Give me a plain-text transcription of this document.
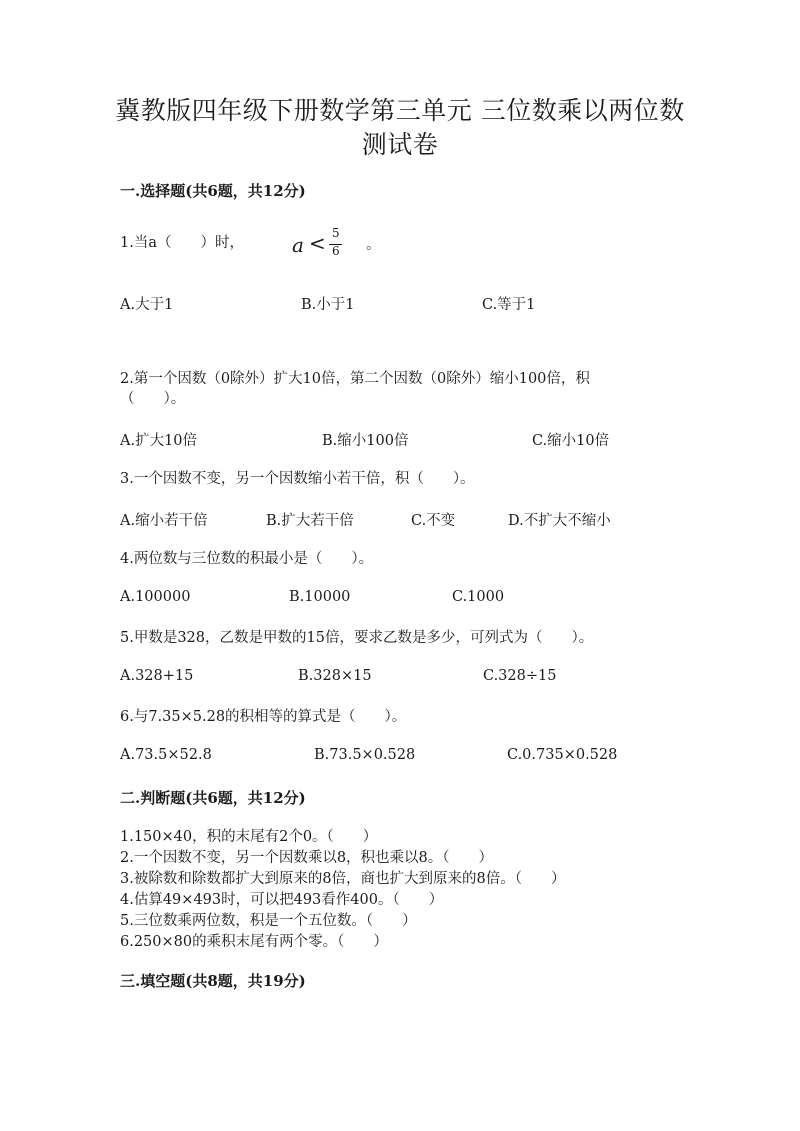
冀教版四年级下册数学第三单元 三位数乘以两位数
测试卷
一.选择题(共6题，共12分)
1.当a（　　）时， a < 5
6 。
A.大于1	B.小于1	C.等于1
2.第一个因数（0除外）扩大10倍，第二个因数（0除外）缩小100倍，积
（　　）。
A.扩大10倍	B.缩小100倍	C.缩小10倍
3.一个因数不变，另一个因数缩小若干倍，积（　　）。
A.缩小若干倍	B.扩大若干倍	C.不变	D.不扩大不缩小
4.两位数与三位数的积最小是（　　）。
A.100000	B.10000	C.1000
5.甲数是328，乙数是甲数的15倍，要求乙数是多少，可列式为（　　）。
A.328+15	B.328×15	C.328÷15
6.与7.35×5.28的积相等的算式是（　　）。
A.73.5×52.8	B.73.5×0.528	C.0.735×0.528
二.判断题(共6题，共12分)
1.150×40，积的末尾有2个0。（　　）
2.一个因数不变，另一个因数乘以8，积也乘以8。（　　）
3.被除数和除数都扩大到原来的8倍，商也扩大到原来的8倍。（　　）
4.估算49×493时，可以把493看作400。（　　）
5.三位数乘两位数，积是一个五位数。（　　）
6.250×80的乘积末尾有两个零。（　　）
三.填空题(共8题，共19分)
